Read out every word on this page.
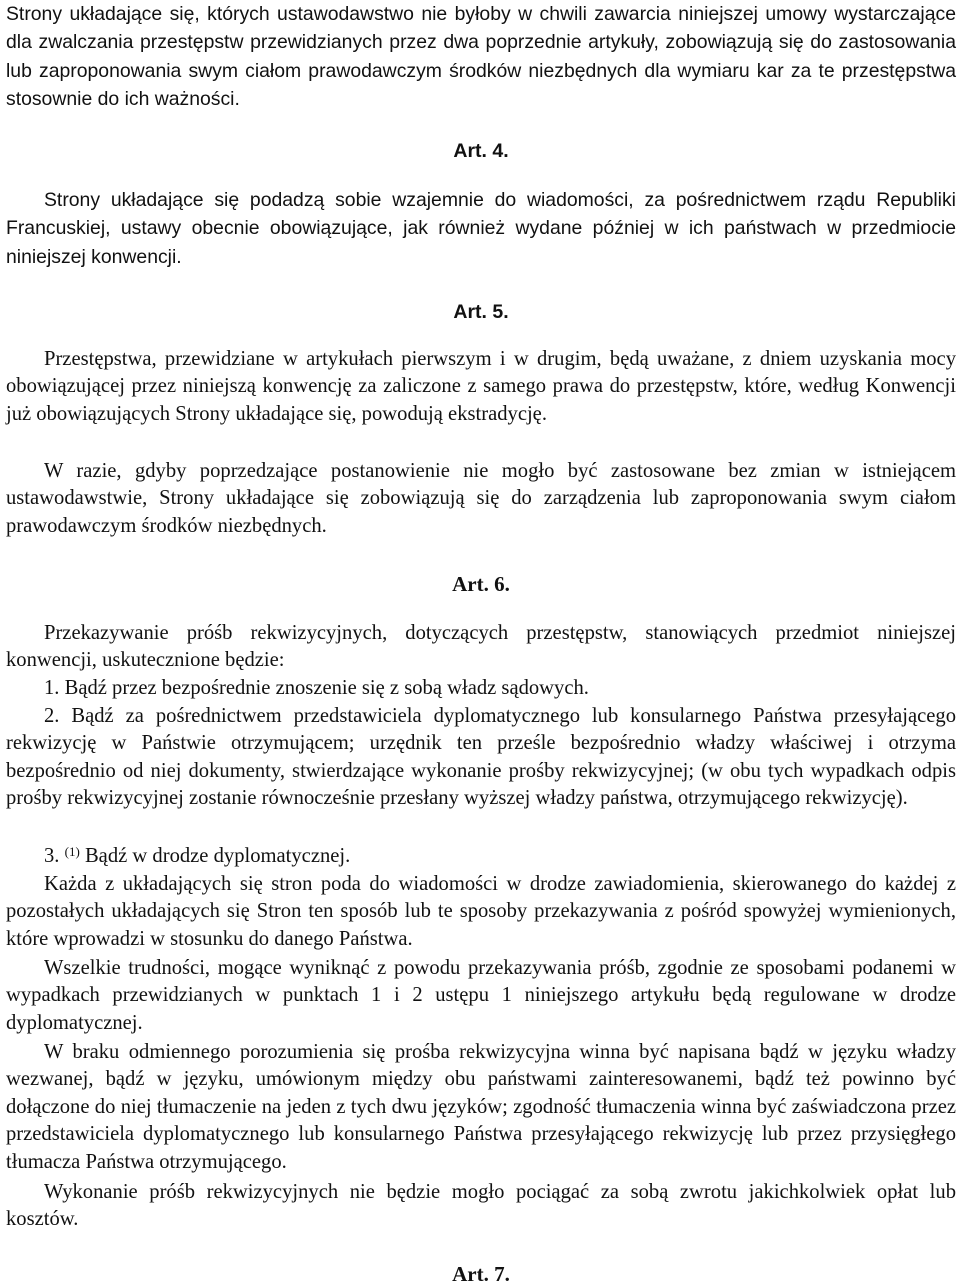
Strony układające się, których ustawodawstwo nie byłoby w chwili zawarcia niniejszej umowy wystarczające dla zwalczania przestępstw przewidzianych przez dwa poprzednie artykuły, zobowiązują się do zastosowania lub zaproponowania swym ciałom prawodawczym środków niezbędnych dla wymiaru kar za te przestępstwa stosownie do ich ważności.

Art. 4.

Strony układające się podadzą sobie wzajemnie do wiadomości, za pośrednictwem rządu Republiki Francuskiej, ustawy obecnie obowiązujące, jak również wydane później w ich państwach w przedmiocie niniejszej konwencji.

Art. 5.

Przestępstwa, przewidziane w artykułach pierwszym i w drugim, będą uważane, z dniem uzyskania mocy obowiązującej przez niniejszą konwencję za zaliczone z samego prawa do przestępstw, które, według Konwencji już obowiązujących Strony układające się, powodują ekstradycję.

W razie, gdyby poprzedzające postanowienie nie mogło być zastosowane bez zmian w istniejącem ustawodawstwie, Strony układające się zobowiązują się do zarządzenia lub zaproponowania swym ciałom prawodawczym środków niezbędnych.

Art. 6.

Przekazywanie próśb rekwizycyjnych, dotyczących przestępstw, stanowiących przedmiot niniejszej konwencji, uskutecznione będzie:

1. Bądź przez bezpośrednie znoszenie się z sobą władz sądowych.

2. Bądź za pośrednictwem przedstawiciela dyplomatycznego lub konsularnego Państwa przesyłającego rekwizycję w Państwie otrzymującem; urzędnik ten prześle bezpośrednio władzy właściwej i otrzyma bezpośrednio od niej dokumenty, stwierdzające wykonanie prośby rekwizycyjnej; (w obu tych wypadkach odpis prośby rekwizycyjnej zostanie równocześnie przesłany wyższej władzy państwa, otrzymującego rekwizycję).

3. $^{(1)}$ Bądź w drodze dyplomatycznej.

Każda z układających się stron poda do wiadomości w drodze zawiadomienia, skierowanego do każdej z pozostałych układających się Stron ten sposób lub te sposoby przekazywania z pośród spowyżej wymienionych, które wprowadzi w stosunku do danego Państwa.

Wszelkie trudności, mogące wyniknąć z powodu przekazywania próśb, zgodnie ze sposobami podanemi w wypadkach przewidzianych w punktach 1 i 2 ustępu 1 niniejszego artykułu będą regulowane w drodze dyplomatycznej.

W braku odmiennego porozumienia się prośba rekwizycyjna winna być napisana bądź w języku władzy wezwanej, bądź w języku, umówionym między obu państwami zainteresowanemi, bądź też powinno być dołączone do niej tłumaczenie na jeden z tych dwu języków; zgodność tłumaczenia winna być zaświadczona przez przedstawiciela dyplomatycznego lub konsularnego Państwa przesyłającego rekwizycję lub przez przysięgłego tłumacza Państwa otrzymującego.

Wykonanie próśb rekwizycyjnych nie będzie mogło pociągać za sobą zwrotu jakichkolwiek opłat lub kosztów.

Art. 7.
